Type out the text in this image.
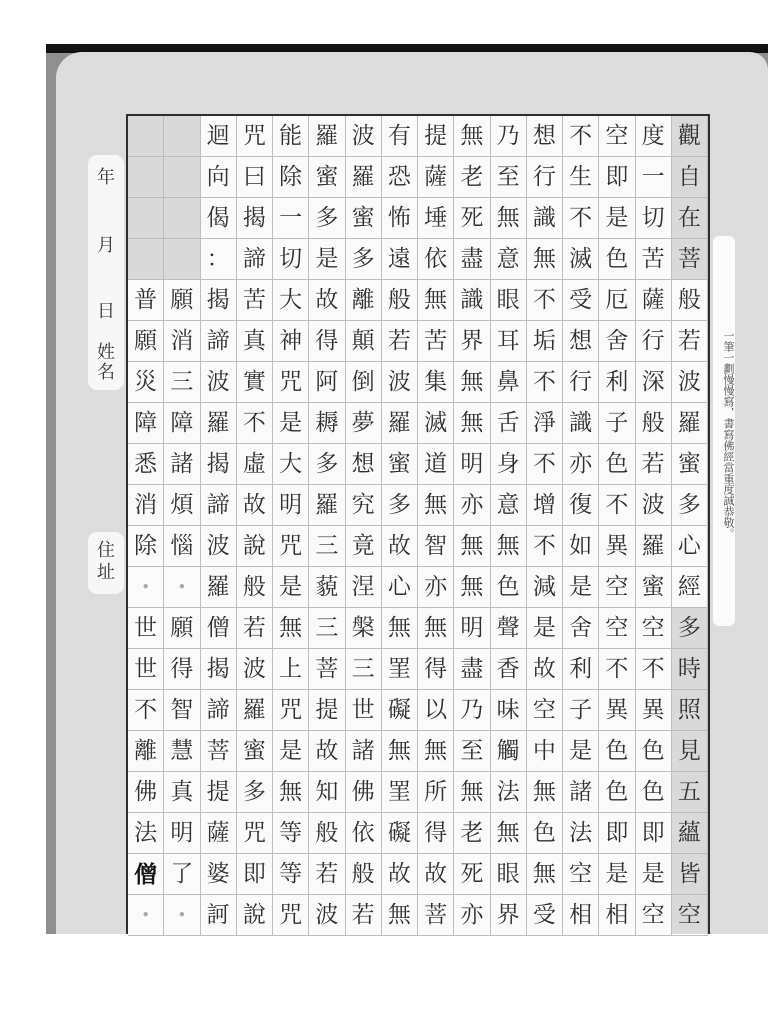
年
月
日
姓名
住址
觀
自
在
菩
般
若
波
羅
蜜
多
心
經
多
時
照
見
五
蘊
皆
空
度
一
切
苦
薩
行
深
般
若
波
羅
蜜
空
不
異
色
色
即
是
空
空
即
是
色
厄
舍
利
子
色
不
異
空
空
不
異
色
色
即
是
相
不
生
不
滅
受
想
行
識
亦
復
如
是
舍
利
子
是
諸
法
空
相
想
行
識
無
不
垢
不
淨
不
增
不
減
是
故
空
中
無
色
無
受
乃
至
無
意
眼
耳
鼻
舌
身
意
無
色
聲
香
味
觸
法
無
眼
界
無
老
死
盡
識
界
無
無
明
亦
無
無
明
盡
乃
至
無
老
死
亦
提
薩
埵
依
無
苦
集
滅
道
無
智
亦
無
得
以
無
所
得
故
菩
有
恐
怖
遠
般
若
波
羅
蜜
多
故
心
無
罣
礙
無
罣
礙
故
無
波
羅
蜜
多
離
顛
倒
夢
想
究
竟
涅
槃
三
世
諸
佛
依
般
若
羅
蜜
多
是
故
得
阿
耨
多
羅
三
藐
三
菩
提
故
知
般
若
波
能
除
一
切
大
神
咒
是
大
明
咒
是
無
上
咒
是
無
等
等
咒
咒
曰
揭
諦
苦
真
實
不
虛
故
說
般
若
波
羅
蜜
多
咒
即
說
迴
向
偈
：
揭
諦
波
羅
揭
諦
波
羅
僧
揭
諦
菩
提
薩
婆
訶
願
消
三
障
諸
煩
惱
•
願
得
智
慧
真
明
了
•
普
願
災
障
悉
消
除
•
世
世
不
離
佛
法
僧
•
一筆一劃慢慢寫，書寫佛經當重度誠恭敬。
